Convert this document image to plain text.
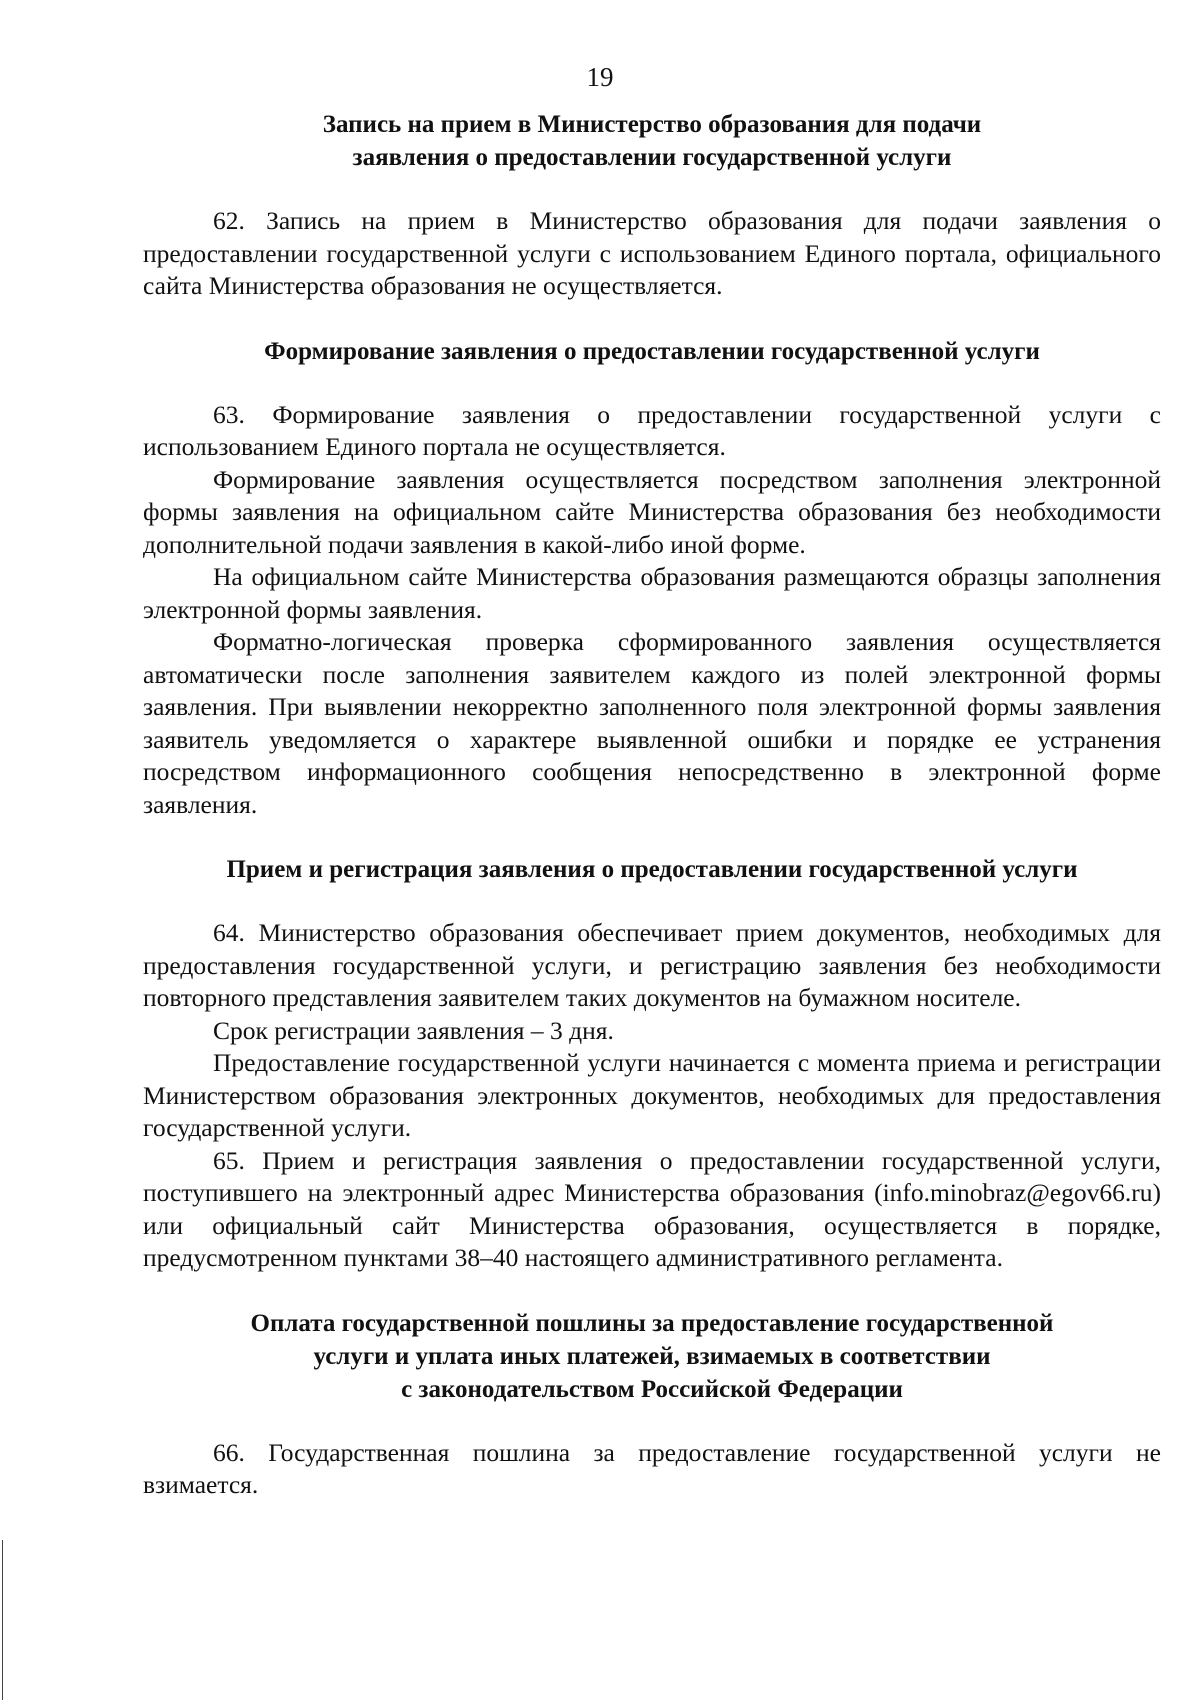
19
Запись на прием в Министерство образования для подачи
заявления о предоставлении государственной услуги

62. Запись на прием в Министерство образования для подачи заявления о предоставлении государственной услуги с использованием Единого портала, официального сайта Министерства образования не осуществляется.

Формирование заявления о предоставлении государственной услуги

63. Формирование заявления о предоставлении государственной услуги с использованием Единого портала не осуществляется.

Формирование заявления осуществляется посредством заполнения электронной формы заявления на официальном сайте Министерства образования без необходимости дополнительной подачи заявления в какой-либо иной форме.

На официальном сайте Министерства образования размещаются образцы заполнения электронной формы заявления.

Форматно-логическая проверка сформированного заявления осуществляется автоматически после заполнения заявителем каждого из полей электронной формы заявления. При выявлении некорректно заполненного поля электронной формы заявления заявитель уведомляется о характере выявленной ошибки и порядке ее устранения посредством информационного сообщения непосредственно в электронной форме заявления.

Прием и регистрация заявления о предоставлении государственной услуги

64. Министерство образования обеспечивает прием документов, необходимых для предоставления государственной услуги, и регистрацию заявления без необходимости повторного представления заявителем таких документов на бумажном носителе.

Срок регистрации заявления – 3 дня.

Предоставление государственной услуги начинается с момента приема и регистрации Министерством образования электронных документов, необходимых для предоставления государственной услуги.

65. Прием и регистрация заявления о предоставлении государственной услуги, поступившего на электронный адрес Министерства образования (info.minobraz@egov66.ru) или официальный сайт Министерства образования, осуществляется в порядке, предусмотренном пунктами 38–40 настоящего административного регламента.

Оплата государственной пошлины за предоставление государственной
услуги и уплата иных платежей, взимаемых в соответствии
с законодательством Российской Федерации

66. Государственная пошлина за предоставление государственной услуги не взимается.
